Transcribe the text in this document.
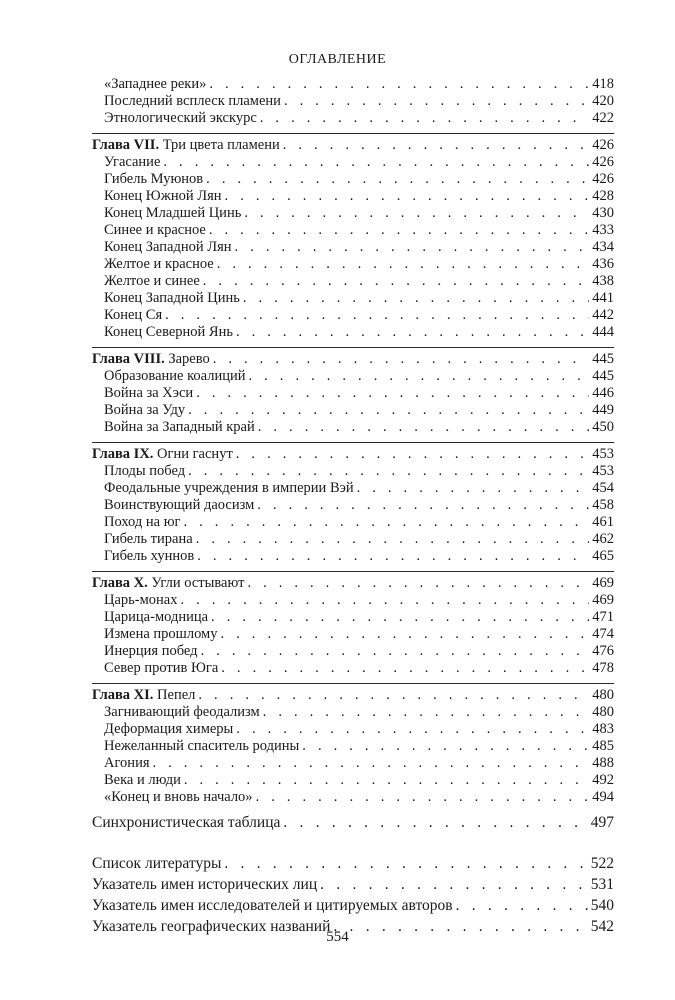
ОГЛАВЛЕНИЕ
«Западнее реки» . . .	418
Последний всплеск пламени . . .	420
Этнологический экскурс . . .	422
Глава VII. Три цвета пламени . . .	426
Угасание . . .	426
Гибель Муюнов . . .	426
Конец Южной Лян . . .	428
Конец Младшей Цинь . . .	430
Синее и красное . . .	433
Конец Западной Лян . . .	434
Желтое и красное . . .	436
Желтое и синее . . .	438
Конец Западной Цинь . . .	441
Конец Ся . . .	442
Конец Северной Янь . . .	444
Глава VIII. Зарево . . .	445
Образование коалиций . . .	445
Война за Хэси . . .	446
Война за Уду . . .	449
Война за Западный край . . .	450
Глава IX. Огни гаснут . . .	453
Плоды побед . . .	453
Феодальные учреждения в империи Вэй . . .	454
Воинствующий даосизм . . .	458
Поход на юг . . .	461
Гибель тирана . . .	462
Гибель хуннов . . .	465
Глава X. Угли остывают . . .	469
Царь-монах . . .	469
Царица-модница . . .	471
Измена прошлому . . .	474
Инерция побед . . .	476
Север против Юга . . .	478
Глава XI. Пепел . . .	480
Загнивающий феодализм . . .	480
Деформация химеры . . .	483
Нежеланный спаситель родины . . .	485
Агония . . .	488
Века и люди . . .	492
«Конец и вновь начало» . . .	494
Синхронистическая таблица . . .	497
Список литературы . . .	522
Указатель имен исторических лиц . . .	531
Указатель имен исследователей и цитируемых авторов . . .	540
Указатель географических названий . . .	542
554
